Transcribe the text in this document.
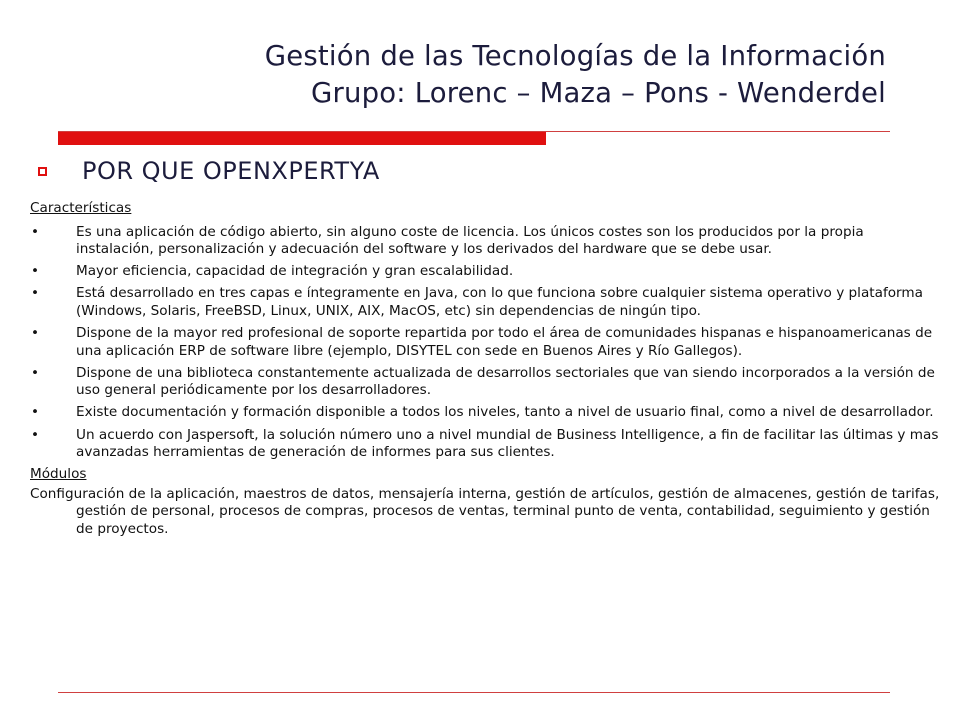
Gestión de las Tecnologías de la Información
Grupo: Lorenc – Maza – Pons - Wenderdel
POR QUE OPENXPERTYA
Características
• Es una aplicación de código abierto, sin alguno coste de licencia. Los únicos costes son los producidos por la propia instalación, personalización y adecuación del software y los derivados del hardware que se debe usar.
• Mayor eficiencia, capacidad de integración y gran escalabilidad.
• Está desarrollado en tres capas e íntegramente en Java, con lo que funciona sobre cualquier sistema operativo y plataforma (Windows, Solaris, FreeBSD, Linux, UNIX, AIX, MacOS, etc) sin dependencias de ningún tipo.
• Dispone de la mayor red profesional de soporte repartida por todo el área de comunidades hispanas e hispanoamericanas de una aplicación ERP de software libre (ejemplo, DISYTEL con sede en Buenos Aires y Río Gallegos).
• Dispone de una biblioteca constantemente actualizada de desarrollos sectoriales que van siendo incorporados a la versión de uso general periódicamente por los desarrolladores.
• Existe documentación y formación disponible a todos los niveles, tanto a nivel de usuario final, como a nivel de desarrollador.
• Un acuerdo con Jaspersoft, la solución número uno a nivel mundial de Business Intelligence, a fin de facilitar las últimas y mas avanzadas herramientas de generación de informes para sus clientes.
Módulos
Configuración de la aplicación, maestros de datos, mensajería interna, gestión de artículos, gestión de almacenes, gestión de tarifas, gestión de personal, procesos de compras, procesos de ventas, terminal punto de venta, contabilidad, seguimiento y gestión de proyectos.
